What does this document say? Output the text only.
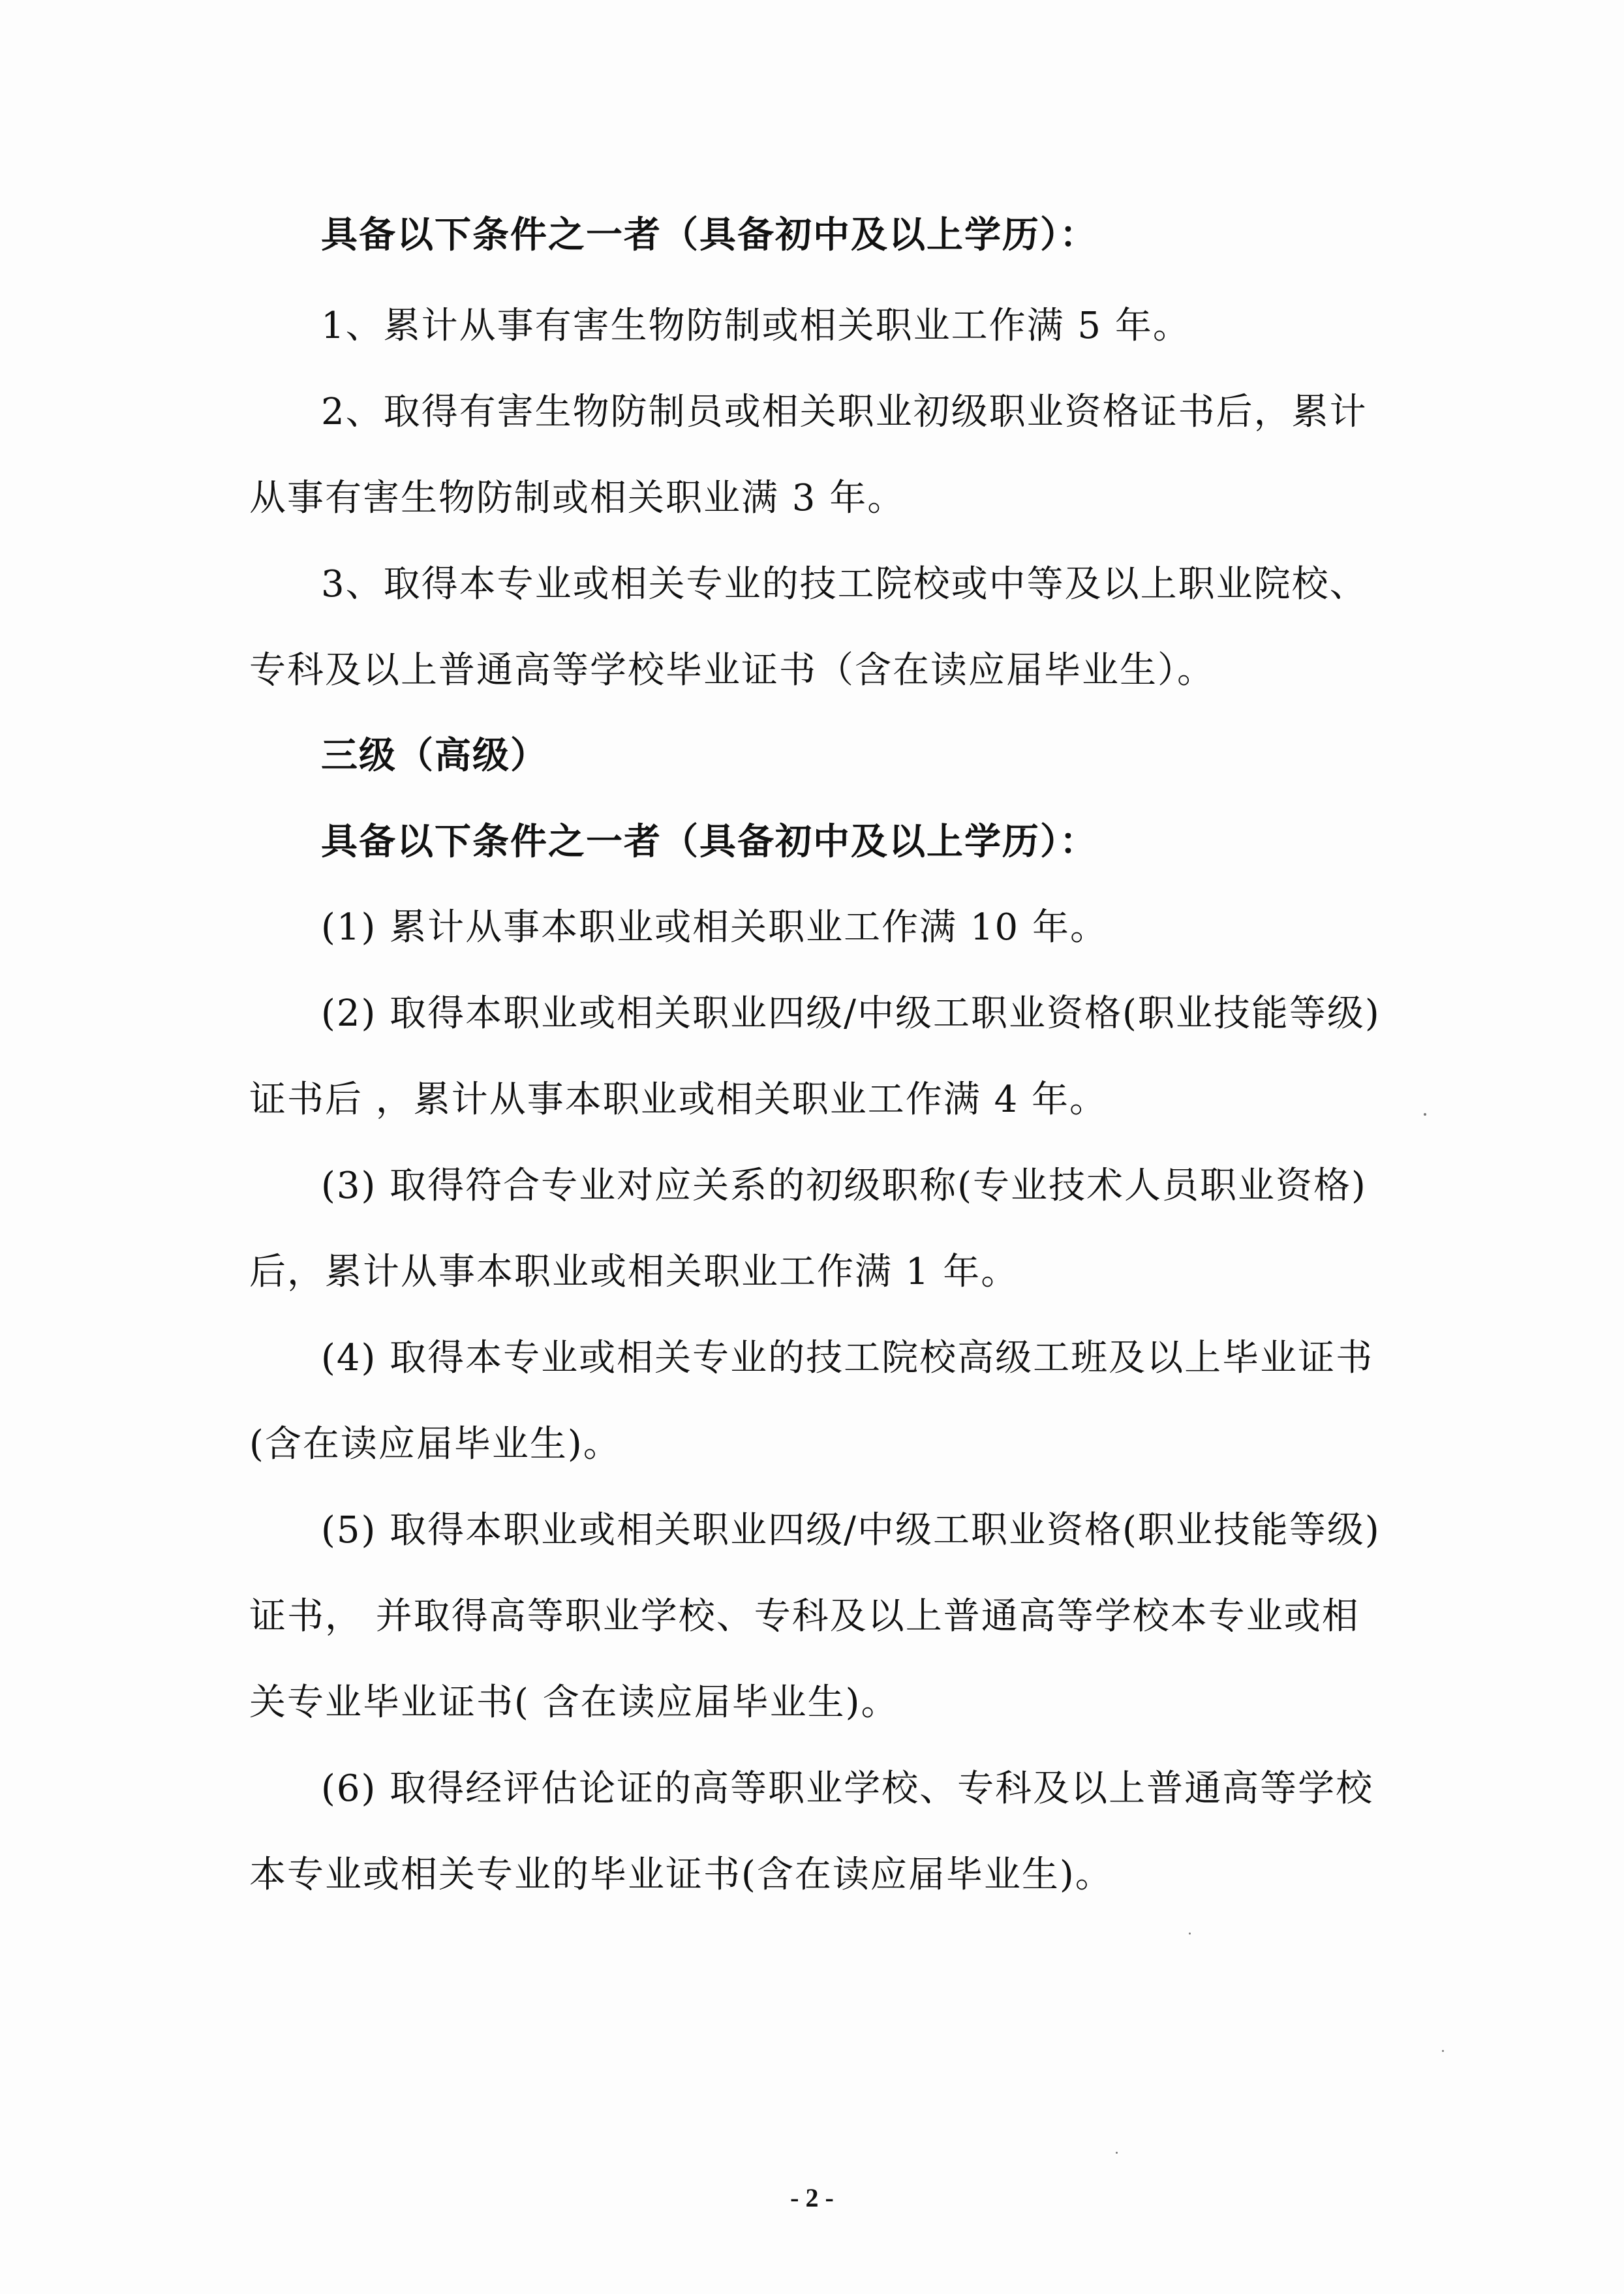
具备以下条件之一者（具备初中及以上学历）：
1、累计从事有害生物防制或相关职业工作满 5 年。
2、取得有害生物防制员或相关职业初级职业资格证书后，累计
从事有害生物防制或相关职业满 3 年。
3、取得本专业或相关专业的技工院校或中等及以上职业院校、
专科及以上普通高等学校毕业证书（含在读应届毕业生）。
三级（高级）
具备以下条件之一者（具备初中及以上学历）：
(1) 累计从事本职业或相关职业工作满 10 年。
(2) 取得本职业或相关职业四级/中级工职业资格(职业技能等级)
证书后 ，累计从事本职业或相关职业工作满 4 年。
(3) 取得符合专业对应关系的初级职称(专业技术人员职业资格)
后，累计从事本职业或相关职业工作满 1 年。
(4) 取得本专业或相关专业的技工院校高级工班及以上毕业证书
(含在读应届毕业生)。
(5) 取得本职业或相关职业四级/中级工职业资格(职业技能等级)
证书， 并取得高等职业学校、专科及以上普通高等学校本专业或相
关专业毕业证书( 含在读应届毕业生)。
(6) 取得经评估论证的高等职业学校、专科及以上普通高等学校
本专业或相关专业的毕业证书(含在读应届毕业生)。
- 2 -
